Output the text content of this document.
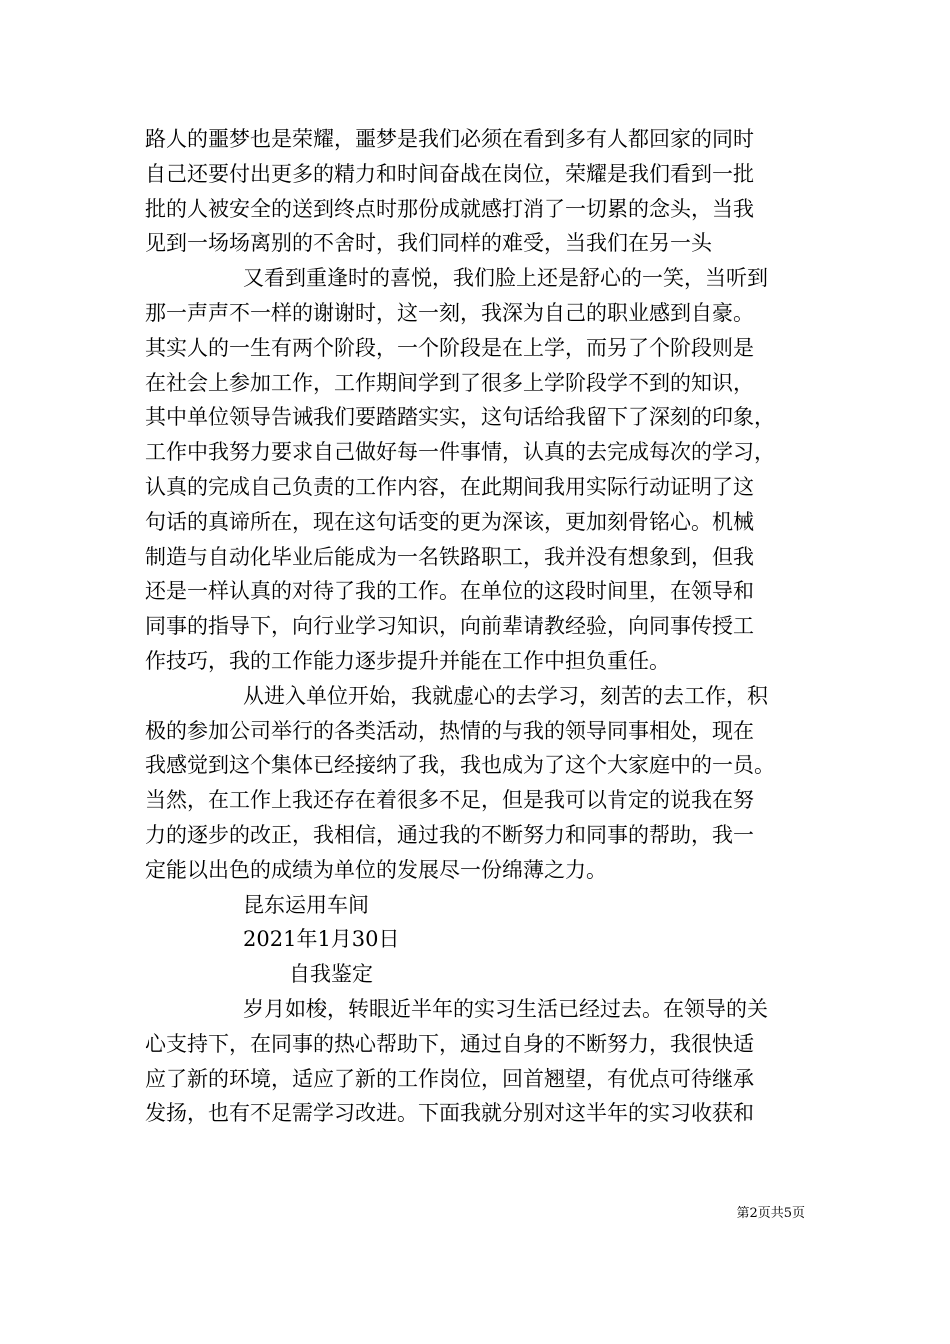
路人的噩梦也是荣耀，噩梦是我们必须在看到多有人都回家的同时
自己还要付出更多的精力和时间奋战在岗位，荣耀是我们看到一批
批的人被安全的送到终点时那份成就感打消了一切累的念头，当我
见到一场场离别的不舍时，我们同样的难受，当我们在另一头
又看到重逢时的喜悦，我们脸上还是舒心的一笑，当听到
那一声声不一样的谢谢时，这一刻，我深为自己的职业感到自豪。
其实人的一生有两个阶段，一个阶段是在上学，而另了个阶段则是
在社会上参加工作，工作期间学到了很多上学阶段学不到的知识，
其中单位领导告诫我们要踏踏实实，这句话给我留下了深刻的印象，
工作中我努力要求自己做好每一件事情，认真的去完成每次的学习，
认真的完成自己负责的工作内容，在此期间我用实际行动证明了这
句话的真谛所在，现在这句话变的更为深该，更加刻骨铭心。机械
制造与自动化毕业后能成为一名铁路职工，我并没有想象到，但我
还是一样认真的对待了我的工作。在单位的这段时间里，在领导和
同事的指导下，向行业学习知识，向前辈请教经验，向同事传授工
作技巧，我的工作能力逐步提升并能在工作中担负重任。
从进入单位开始，我就虚心的去学习，刻苦的去工作，积
极的参加公司举行的各类活动，热情的与我的领导同事相处，现在
我感觉到这个集体已经接纳了我，我也成为了这个大家庭中的一员。
当然，在工作上我还存在着很多不足，但是我可以肯定的说我在努
力的逐步的改正，我相信，通过我的不断努力和同事的帮助，我一
定能以出色的成绩为单位的发展尽一份绵薄之力。
昆东运用车间
2021年1月30日
自我鉴定
岁月如梭，转眼近半年的实习生活已经过去。在领导的关
心支持下，在同事的热心帮助下，通过自身的不断努力，我很快适
应了新的环境，适应了新的工作岗位，回首翘望，有优点可待继承
发扬，也有不足需学习改进。下面我就分别对这半年的实习收获和
第2页共5页
